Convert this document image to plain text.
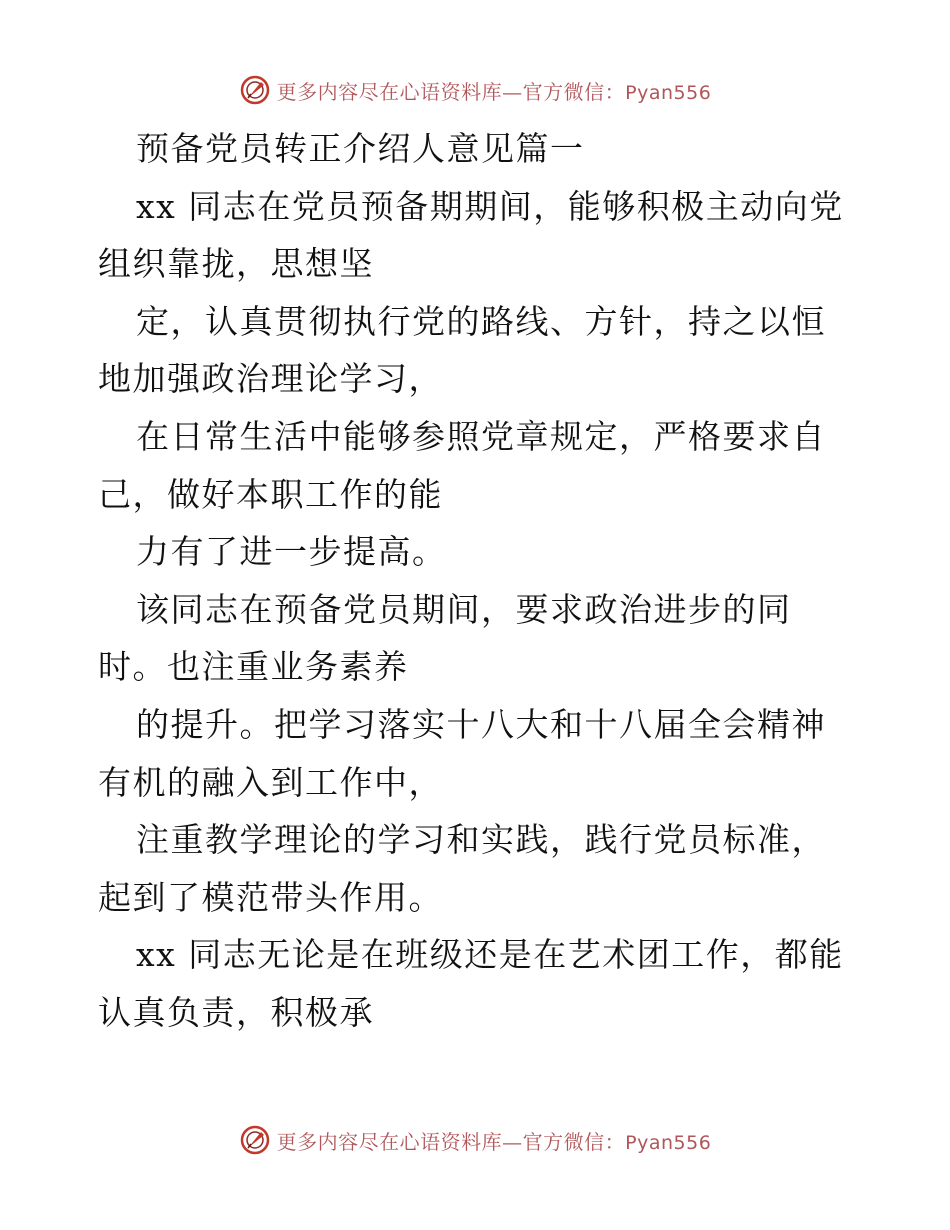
更多内容尽在心语资料库—官方微信：Pyan556

预备党员转正介绍人意见篇一

xx 同志在党员预备期期间，能够积极主动向党组织靠拢，思想坚

定，认真贯彻执行党的路线、方针，持之以恒地加强政治理论学习，

在日常生活中能够参照党章规定，严格要求自己，做好本职工作的能

力有了进一步提高。

该同志在预备党员期间，要求政治进步的同时。也注重业务素养

的提升。把学习落实十八大和十八届全会精神有机的融入到工作中，

注重教学理论的学习和实践，践行党员标准，起到了模范带头作用。

xx 同志无论是在班级还是在艺术团工作，都能认真负责，积极承

更多内容尽在心语资料库—官方微信：Pyan556
